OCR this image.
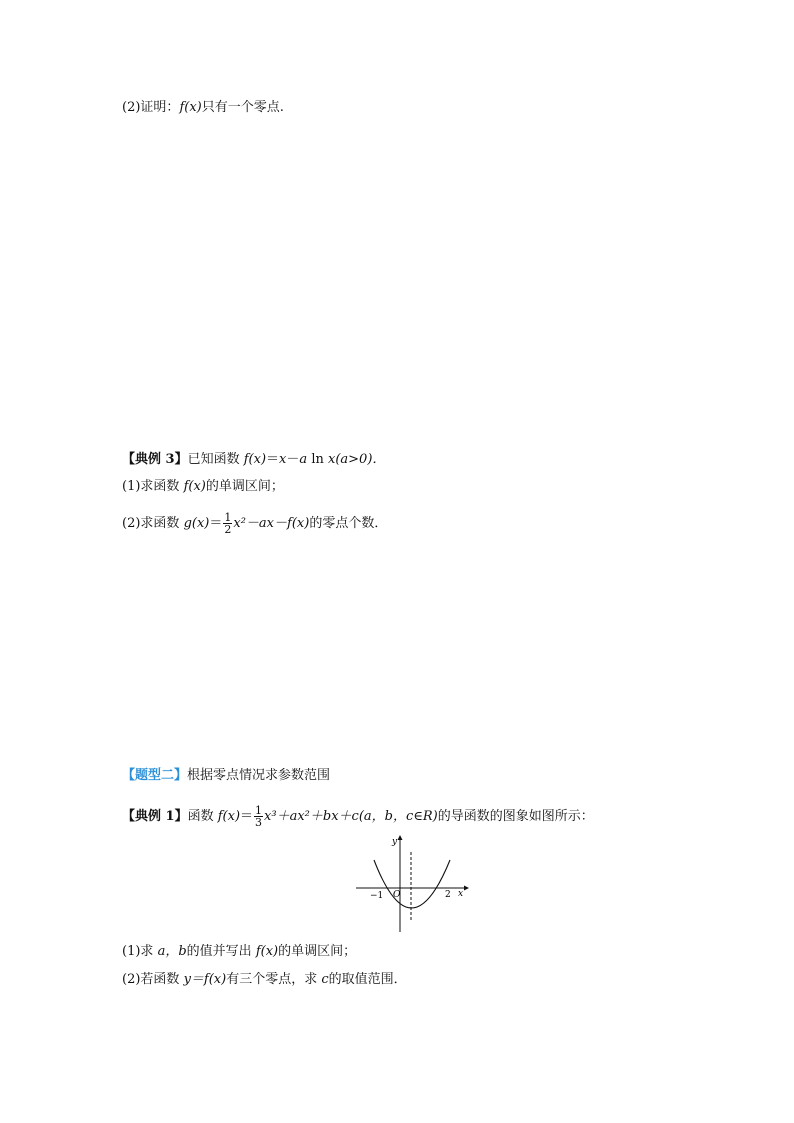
(2)证明：f(x)只有一个零点.
【典例 3】已知函数 f(x)＝x－a ln x(a>0)．
(1)求函数 f(x)的单调区间；
(2)求函数 $g(x)= \frac{1}{2} x^2-ax-f(x)$的零点个数．
【题型二】根据零点情况求参数范围
【典例 1】函数 $f(x)= \frac{1}{3} x^3+ax^2+bx+c(a$，b，c∈R)的导函数的图象如图所示：
y
x
O
−1	2
(1)求 a，b的值并写出 f(x)的单调区间；
(2)若函数 y＝f(x)有三个零点，求 c的取值范围．
